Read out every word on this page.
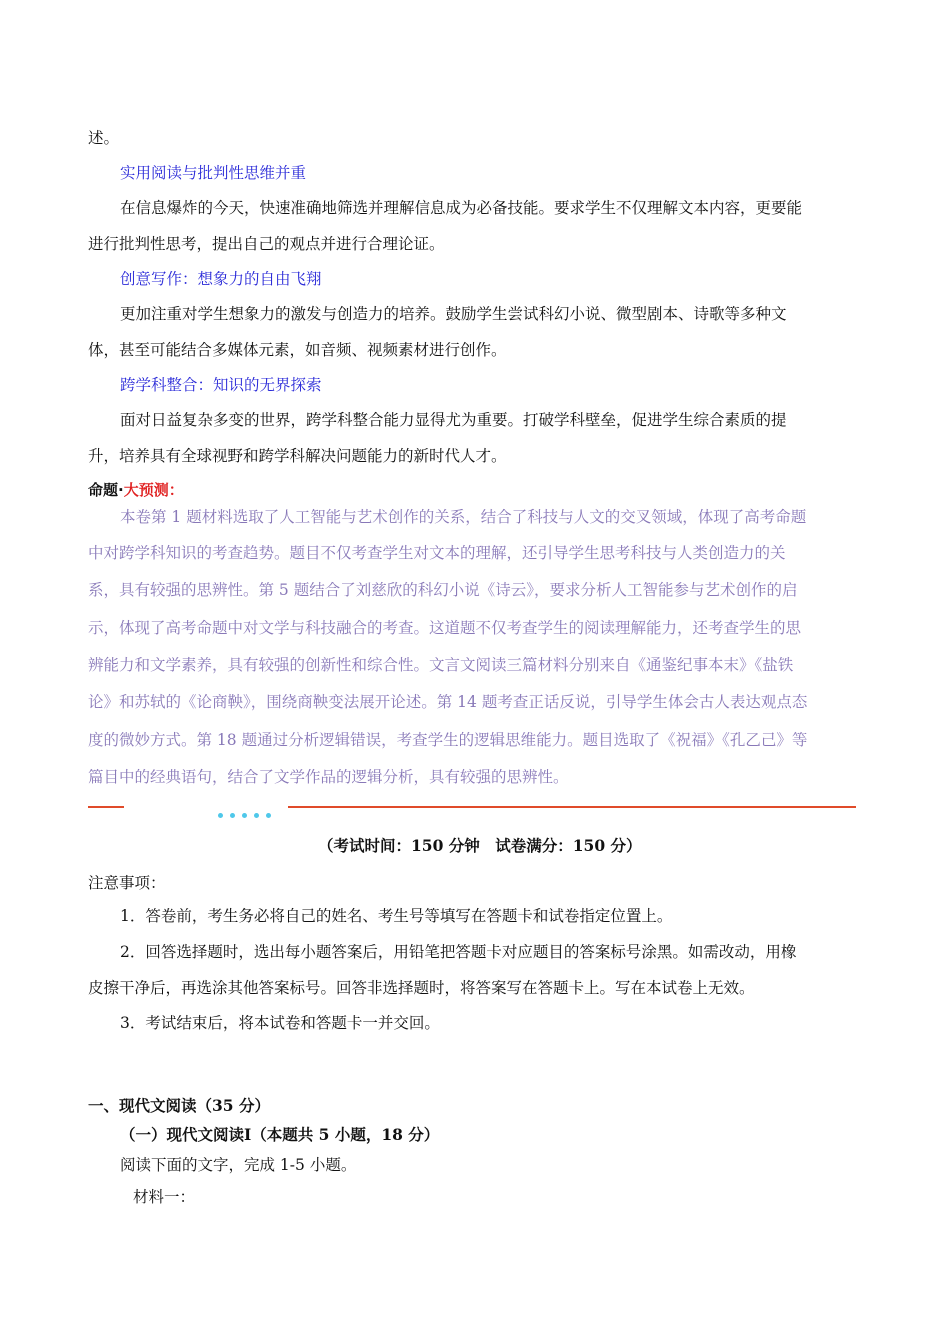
述。
实用阅读与批判性思维并重
在信息爆炸的今天，快速准确地筛选并理解信息成为必备技能。要求学生不仅理解文本内容，更要能
进行批判性思考，提出自己的观点并进行合理论证。
创意写作：想象力的自由飞翔
更加注重对学生想象力的激发与创造力的培养。鼓励学生尝试科幻小说、微型剧本、诗歌等多种文
体，甚至可能结合多媒体元素，如音频、视频素材进行创作。
跨学科整合：知识的无界探索
面对日益复杂多变的世界，跨学科整合能力显得尤为重要。打破学科壁垒，促进学生综合素质的提
升，培养具有全球视野和跨学科解决问题能力的新时代人才。
命题·大预测：
本卷第 1 题材料选取了人工智能与艺术创作的关系，结合了科技与人文的交叉领域，体现了高考命题
中对跨学科知识的考查趋势。题目不仅考查学生对文本的理解，还引导学生思考科技与人类创造力的关
系，具有较强的思辨性。第 5 题结合了刘慈欣的科幻小说《诗云》，要求分析人工智能参与艺术创作的启
示，体现了高考命题中对文学与科技融合的考查。这道题不仅考查学生的阅读理解能力，还考查学生的思
辨能力和文学素养，具有较强的创新性和综合性。文言文阅读三篇材料分别来自《通鉴纪事本末》《盐铁
论》和苏轼的《论商鞅》，围绕商鞅变法展开论述。第 14 题考查正话反说，引导学生体会古人表达观点态
度的微妙方式。第 18 题通过分析逻辑错误，考查学生的逻辑思维能力。题目选取了《祝福》《孔乙己》等
篇目中的经典语句，结合了文学作品的逻辑分析，具有较强的思辨性。
（考试时间：150 分钟　试卷满分：150 分）
注意事项：
1．答卷前，考生务必将自己的姓名、考生号等填写在答题卡和试卷指定位置上。
2．回答选择题时，选出每小题答案后，用铅笔把答题卡对应题目的答案标号涂黑。如需改动，用橡
皮擦干净后，再选涂其他答案标号。回答非选择题时，将答案写在答题卡上。写在本试卷上无效。
3．考试结束后，将本试卷和答题卡一并交回。
一、现代文阅读（35 分）
（一）现代文阅读Ⅰ（本题共 5 小题，18 分）
阅读下面的文字，完成 1-5 小题。
材料一：
